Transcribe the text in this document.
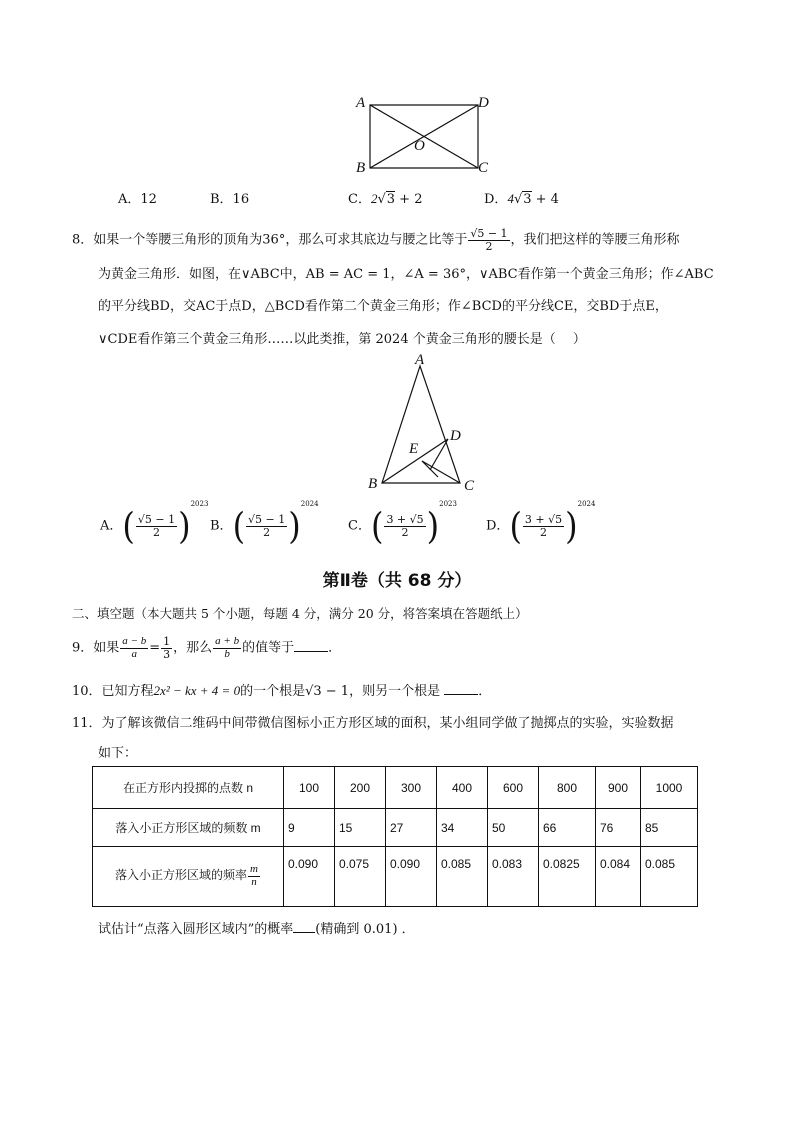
A	D
B	C
O
A．12	B．16	C．2√3 + 2	D．4√3 + 4
8．如果一个等腰三角形的顶角为36°，那么可求其底边与腰之比等于 $\frac{√5 - 1}{2}$ ，我们把这样的等腰三角形称
为黄金三角形．如图，在∨ABC中，AB = AC = 1，∠A = 36°，∨ABC看作第一个黄金三角形；作∠ABC
的平分线BD，交AC于点D，△BCD看作第二个黄金三角形；作∠BCD的平分线CE，交BD于点E，
∨CDE看作第三个黄金三角形……以此类推，第 2024 个黄金三角形的腰长是（　 ）
A
D
E
B	C
A． ( $\frac{√5 - 1}{2}$ )
$^{2023}$
B． ( $\frac{√5 - 1}{2}$ )
$^{2024}$
C． ( $\frac{3 + √5}{2}$ )
$^{2023}$
D． ( $\frac{3 + √5}{2}$ )
$^{2024}$
第Ⅱ卷（共 68 分）
二、填空题（本大题共 5 个小题，每题 4 分，满分 20 分，将答案填在答题纸上）
9．如果 $\frac{a - b}{a} = \frac{1}{3}$ ，那么 $\frac{a + b}{b}$ 的值等于	．
10．已知方程2x² − kx + 4 = 0的一个根是√3 − 1，则另一个根是	．
11．为了解该微信二维码中间带微信图标小正方形区域的面积，某小组同学做了抛掷点的实验，实验数据
如下：
在正方形内投掷的点数 n	100	200	300	400	600	800	900	1000
落入小正方形区域的频数 m	9	15	27	34	50	66	76	85
落入小正方形区域的频率 $\frac{m}{n}$	0.090	0.075	0.090	0.085	0.083	0.0825	0.084	0.085
试估计“点落入圆形区域内”的概率 (精确到 0.01) ．
